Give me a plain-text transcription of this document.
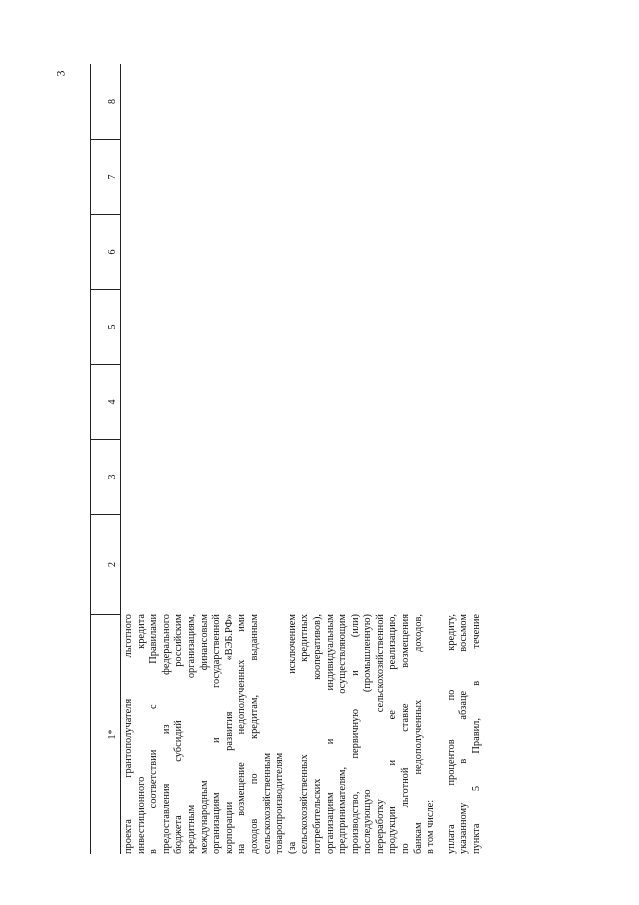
3
1*
2
3
4
5
6
7
8
проекта грантополучателя льготного инвестиционного кредита в соответствии с Правилами предоставления из федерального бюджета субсидий российским кредитным организациям, международным финансовым организациям и государственной корпорации развития «ВЭБ.РФ» на возмещение недополученных ими доходов по кредитам, выданным сельскохозяйственным товаропроизводителям (за исключением сельскохозяйственных кредитных потребительских кооперативов), организациям и индивидуальным предпринимателям, осуществляющим производство, первичную и (или) последующую (промышленную) переработку сельскохозяйственной продукции и ее реализацию, по льготной ставке возмещения банкам недополученных доходов, в том числе: уплата процентов по кредиту, указанному в абзаце восьмом пункта 5 Правил, в течение
